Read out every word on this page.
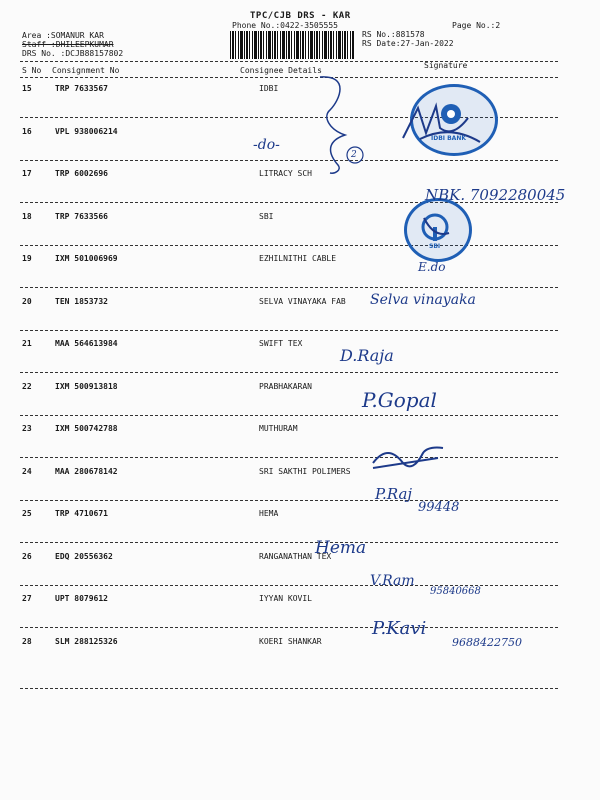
TPC/CJB DRS - KAR
Phone No.:0422-3505555	Page No.:2
Area :SOMANUR KAR
Staff :DHILEEPKUMAR
DRS No. :DCJB88157802
RS No.:881578
RS Date:27-Jan-2022
S No Consignment No	Consignee Details
Signature
15	TRP 7633567	IDBI
16	VPL 938006214
17	TRP 6002696	LITRACY SCH
18	TRP 7633566	SBI
19	IXM 501006969	EZHILNITHI CABLE
20	TEN 1853732	SELVA VINAYAKA FAB
21	MAA 564613984	SWIFT TEX
22	IXM 500913818	PRABHAKARAN
23	IXM 500742788	MUTHURAM
24	MAA 280678142	SRI SAKTHI POLIMERS
25	TRP 4710671	HEMA
26	EDQ 20556362	RANGANATHAN TEX
27	UPT 8079612	IYYAN KOVIL
28	SLM 288125326	KOERI SHANKAR
-do-
2
IDBI BANK
SBI
NBK. 7092280045
E.do
Selva vinayaka
D.Raja
P.Gopal
P.Raj
99448
Hema
V.Ram
95840668
P.Kavi
9688422750
